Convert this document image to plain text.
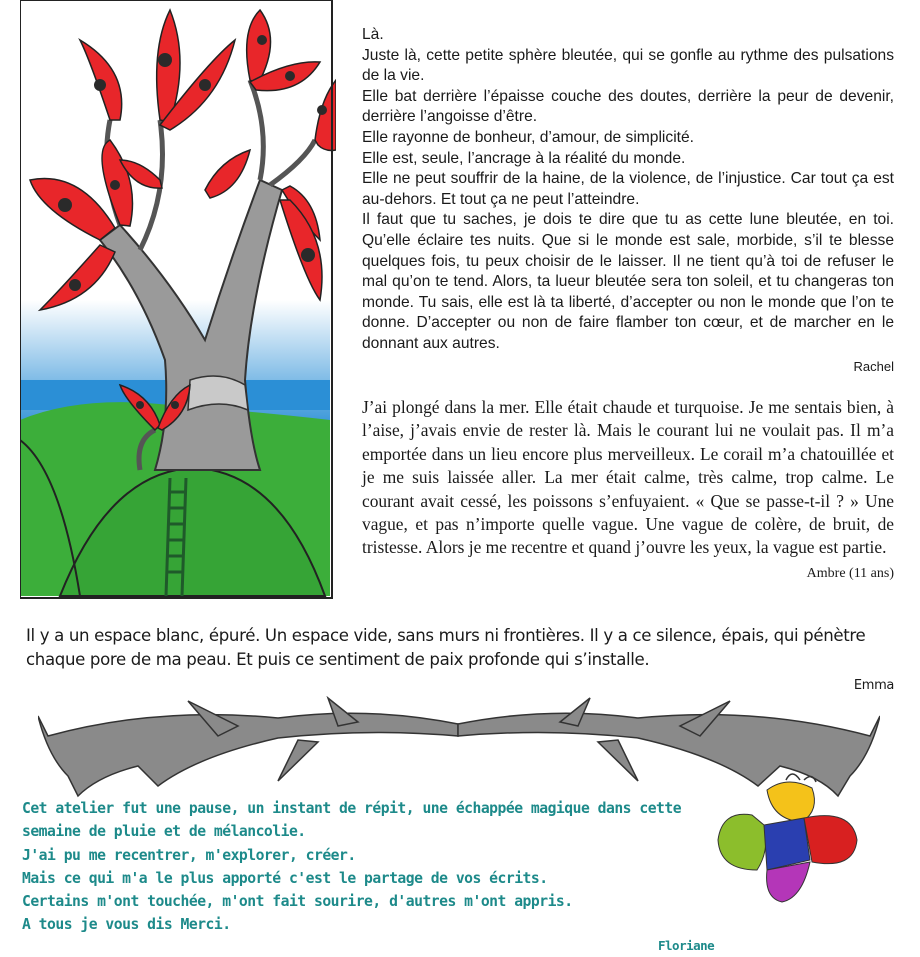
Là.

Juste là, cette petite sphère bleutée, qui se gonfle au rythme des pulsations de la vie.

Elle bat derrière l’épaisse couche des doutes, derrière la peur de devenir, derrière l’angoisse d’être.

Elle rayonne de bonheur, d’amour, de simplicité.

Elle est, seule, l’ancrage à la réalité du monde.

Elle ne peut souffrir de la haine, de la violence, de l’injustice. Car tout ça est au-dehors. Et tout ça ne peut l’atteindre.

Il faut que tu saches, je dois te dire que tu as cette lune bleutée, en toi. Qu’elle éclaire tes nuits. Que si le monde est sale, morbide, s’il te blesse quelques fois, tu peux choisir de le laisser. Il ne tient qu’à toi de refuser le mal qu’on te tend. Alors, ta lueur bleutée sera ton soleil, et tu changeras ton monde. Tu sais, elle est là ta liberté, d’accepter ou non le monde que l’on te donne. D’accepter ou non de faire flamber ton cœur, et de marcher en le donnant aux autres.

Rachel

J’ai plongé dans la mer. Elle était chaude et turquoise. Je me sentais bien, à l’aise, j’avais envie de rester là. Mais le courant lui ne voulait pas. Il m’a emportée dans un lieu encore plus merveilleux. Le corail m’a chatouillée et je me suis laissée aller. La mer était calme, très calme, trop calme. Le courant avait cessé, les poissons s’enfuyaient. « Que se passe-t-il ? » Une vague, et pas n’importe quelle vague. Une vague de colère, de bruit, de tristesse. Alors je me recentre et quand j’ouvre les yeux, la vague est partie.

Ambre (11 ans)

Il y a un espace blanc, épuré. Un espace vide, sans murs ni frontières. Il y a ce silence, épais, qui pénètre chaque pore de ma peau. Et puis ce sentiment de paix profonde qui s’installe.

Emma

Cet atelier fut une pause, un instant de répit, une échappée magique dans cette

semaine de pluie et de mélancolie.

J'ai pu me recentrer, m'explorer, créer.

Mais ce qui m'a le plus apporté c'est le partage de vos écrits.

Certains m'ont touchée, m'ont fait sourire, d'autres m'ont appris.

A tous je vous dis Merci.

Floriane
